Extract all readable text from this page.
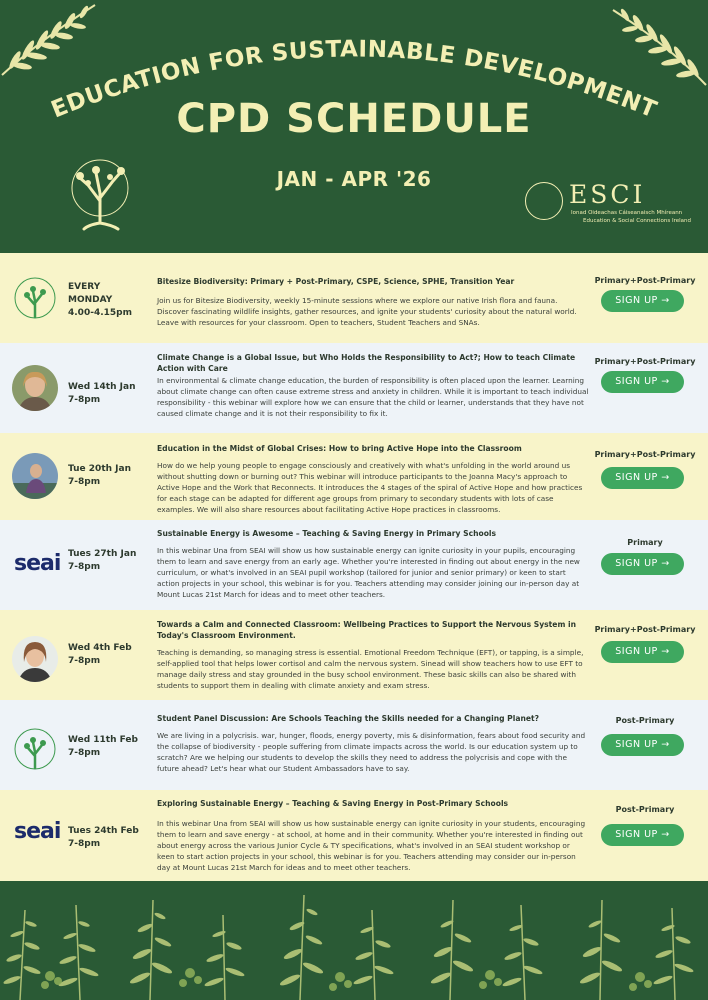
EDUCATION FOR SUSTAINABLE DEVELOPMENT
CPD SCHEDULE
JAN - APR '26
ESCI
Ionad Oideachas Cáiseanaisch Mhíreann
Education & Social Connections Ireland
EVERY
MONDAY
4.00-4.15pm
Bitesize Biodiversity: Primary + Post-Primary, CSPE, Science, SPHE, Transition Year
Join us for Bitesize Biodiversity, weekly 15-minute sessions where we explore our native Irish flora and fauna. Discover fascinating wildlife insights, gather resources, and ignite your students' curiosity about the natural world. Leave with resources for your classroom. Open to teachers, Student Teachers and SNAs.
Primary+Post-Primary
SIGN UP →
Wed 14th Jan
7-8pm
Climate Change is a Global Issue, but Who Holds the Responsibility to Act?; How to teach Climate Action with Care
In environmental & climate change education, the burden of responsibility is often placed upon the learner. Learning about climate change can often cause extreme stress and anxiety in children. While it is important to teach individual responsibility - this webinar will explore how we can ensure that the child or learner, understands that they have not caused climate change and it is not their responsibility to fix it.
Primary+Post-Primary
SIGN UP →
Tue 20th Jan
7-8pm
Education in the Midst of Global Crises: How to bring Active Hope into the Classroom
How do we help young people to engage consciously and creatively with what's unfolding in the world around us without shutting down or burning out? This webinar will introduce participants to the Joanna Macy's approach to Active Hope and the Work that Reconnects. It introduces the 4 stages of the spiral of Active Hope and how practices for each stage can be adapted for different age groups from primary to secondary students with lots of case examples. We will also share resources about facilitating Active Hope practices in classrooms.
Primary+Post-Primary
SIGN UP →
seai Tues 27th Jan
7-8pm
Sustainable Energy is Awesome – Teaching & Saving Energy in Primary Schools
In this webinar Una from SEAI will show us how sustainable energy can ignite curiosity in your pupils, encouraging them to learn and save energy from an early age. Whether you're interested in finding out about energy in the new curriculum, or what's involved in an SEAI pupil workshop (tailored for junior and senior primary) or keen to start action projects in your school, this webinar is for you. Teachers attending may consider joining our in-person day at Mount Lucas 21st March for ideas and to meet other teachers.
Primary
SIGN UP →
Wed 4th Feb
7-8pm
Towards a Calm and Connected Classroom: Wellbeing Practices to Support the Nervous System in Today's Classroom Environment.
Teaching is demanding, so managing stress is essential. Emotional Freedom Technique (EFT), or tapping, is a simple, self-applied tool that helps lower cortisol and calm the nervous system. Sinead will show teachers how to use EFT to manage daily stress and stay grounded in the busy school environment. These basic skills can also be shared with students to support them in dealing with climate anxiety and exam stress.
Primary+Post-Primary
SIGN UP →
Wed 11th Feb
7-8pm
Student Panel Discussion: Are Schools Teaching the Skills needed for a Changing Planet?
We are living in a polycrisis. war, hunger, floods, energy poverty, mis & disinformation, fears about food security and the collapse of biodiversity - people suffering from climate impacts across the world. Is our education system up to scratch? Are we helping our students to develop the skills they need to address the polycrisis and cope with the future ahead? Let's hear what our Student Ambassadors have to say.
Post-Primary
SIGN UP →
seai Tues 24th Feb
7-8pm
Exploring Sustainable Energy – Teaching & Saving Energy in Post-Primary Schools
In this webinar Una from SEAI will show us how sustainable energy can ignite curiosity in your students, encouraging them to learn and save energy - at school, at home and in their community. Whether you're interested in finding out about energy across the various Junior Cycle & TY specifications, what's involved in an SEAI student workshop or keen to start action projects in your school, this webinar is for you. Teachers attending may consider our in-person day at Mount Lucas 21st March for ideas and to meet other teachers.
Post-Primary
SIGN UP →
